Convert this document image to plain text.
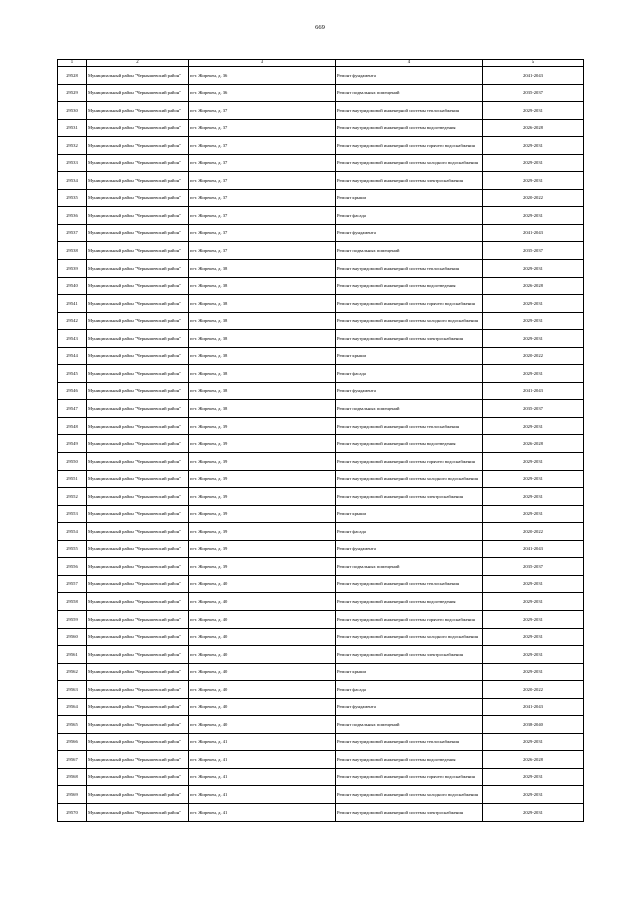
669
1	2	3	4	5
29528	Муниципальный район "Чернышевский район"	пгт. Жирекен, д. 36	Ремонт фундамента	2041-2043
29529	Муниципальный район "Чернышевский район"	пгт. Жирекен, д. 36	Ремонт подвальных помещений	2035-2037
29530	Муниципальный район "Чернышевский район"	пгт. Жирекен, д. 37	Ремонт внутридомовой инженерной системы теплоснабжения	2029-2031
29531	Муниципальный район "Чернышевский район"	пгт. Жирекен, д. 37	Ремонт внутридомовой инженерной системы водоотведения	2026-2028
29532	Муниципальный район "Чернышевский район"	пгт. Жирекен, д. 37	Ремонт внутридомовой инженерной системы горячего водоснабжения	2029-2031
29533	Муниципальный район "Чернышевский район"	пгт. Жирекен, д. 37	Ремонт внутридомовой инженерной системы холодного водоснабжения	2029-2031
29534	Муниципальный район "Чернышевский район"	пгт. Жирекен, д. 37	Ремонт внутридомовой инженерной системы электроснабжения	2029-2031
29535	Муниципальный район "Чернышевский район"	пгт. Жирекен, д. 37	Ремонт крыши	2020-2022
29536	Муниципальный район "Чернышевский район"	пгт. Жирекен, д. 37	Ремонт фасада	2029-2031
29537	Муниципальный район "Чернышевский район"	пгт. Жирекен, д. 37	Ремонт фундамента	2041-2043
29538	Муниципальный район "Чернышевский район"	пгт. Жирекен, д. 37	Ремонт подвальных помещений	2035-2037
29539	Муниципальный район "Чернышевский район"	пгт. Жирекен, д. 38	Ремонт внутридомовой инженерной системы теплоснабжения	2029-2031
29540	Муниципальный район "Чернышевский район"	пгт. Жирекен, д. 38	Ремонт внутридомовой инженерной системы водоотведения	2026-2028
29541	Муниципальный район "Чернышевский район"	пгт. Жирекен, д. 38	Ремонт внутридомовой инженерной системы горячего водоснабжения	2029-2031
29542	Муниципальный район "Чернышевский район"	пгт. Жирекен, д. 38	Ремонт внутридомовой инженерной системы холодного водоснабжения	2029-2031
29543	Муниципальный район "Чернышевский район"	пгт. Жирекен, д. 38	Ремонт внутридомовой инженерной системы электроснабжения	2029-2031
29544	Муниципальный район "Чернышевский район"	пгт. Жирекен, д. 38	Ремонт крыши	2020-2022
29545	Муниципальный район "Чернышевский район"	пгт. Жирекен, д. 38	Ремонт фасада	2029-2031
29546	Муниципальный район "Чернышевский район"	пгт. Жирекен, д. 38	Ремонт фундамента	2041-2043
29547	Муниципальный район "Чернышевский район"	пгт. Жирекен, д. 38	Ремонт подвальных помещений	2035-2037
29548	Муниципальный район "Чернышевский район"	пгт. Жирекен, д. 39	Ремонт внутридомовой инженерной системы теплоснабжения	2029-2031
29549	Муниципальный район "Чернышевский район"	пгт. Жирекен, д. 39	Ремонт внутридомовой инженерной системы водоотведения	2026-2028
29550	Муниципальный район "Чернышевский район"	пгт. Жирекен, д. 39	Ремонт внутридомовой инженерной системы горячего водоснабжения	2029-2031
29551	Муниципальный район "Чернышевский район"	пгт. Жирекен, д. 39	Ремонт внутридомовой инженерной системы холодного водоснабжения	2029-2031
29552	Муниципальный район "Чернышевский район"	пгт. Жирекен, д. 39	Ремонт внутридомовой инженерной системы электроснабжения	2029-2031
29553	Муниципальный район "Чернышевский район"	пгт. Жирекен, д. 39	Ремонт крыши	2029-2031
29554	Муниципальный район "Чернышевский район"	пгт. Жирекен, д. 39	Ремонт фасада	2020-2022
29555	Муниципальный район "Чернышевский район"	пгт. Жирекен, д. 39	Ремонт фундамента	2041-2043
29556	Муниципальный район "Чернышевский район"	пгт. Жирекен, д. 39	Ремонт подвальных помещений	2035-2037
29557	Муниципальный район "Чернышевский район"	пгт. Жирекен, д. 40	Ремонт внутридомовой инженерной системы теплоснабжения	2029-2031
29558	Муниципальный район "Чернышевский район"	пгт. Жирекен, д. 40	Ремонт внутридомовой инженерной системы водоотведения	2029-2031
29559	Муниципальный район "Чернышевский район"	пгт. Жирекен, д. 40	Ремонт внутридомовой инженерной системы горячего водоснабжения	2029-2031
29560	Муниципальный район "Чернышевский район"	пгт. Жирекен, д. 40	Ремонт внутридомовой инженерной системы холодного водоснабжения	2029-2031
29561	Муниципальный район "Чернышевский район"	пгт. Жирекен, д. 40	Ремонт внутридомовой инженерной системы электроснабжения	2029-2031
29562	Муниципальный район "Чернышевский район"	пгт. Жирекен, д. 40	Ремонт крыши	2029-2031
29563	Муниципальный район "Чернышевский район"	пгт. Жирекен, д. 40	Ремонт фасада	2020-2022
29564	Муниципальный район "Чернышевский район"	пгт. Жирекен, д. 40	Ремонт фундамента	2041-2043
29565	Муниципальный район "Чернышевский район"	пгт. Жирекен, д. 40	Ремонт подвальных помещений	2038-2040
29566	Муниципальный район "Чернышевский район"	пгт. Жирекен, д. 41	Ремонт внутридомовой инженерной системы теплоснабжения	2029-2031
29567	Муниципальный район "Чернышевский район"	пгт. Жирекен, д. 41	Ремонт внутридомовой инженерной системы водоотведения	2026-2028
29568	Муниципальный район "Чернышевский район"	пгт. Жирекен, д. 41	Ремонт внутридомовой инженерной системы горячего водоснабжения	2029-2031
29569	Муниципальный район "Чернышевский район"	пгт. Жирекен, д. 41	Ремонт внутридомовой инженерной системы холодного водоснабжения	2029-2031
29570	Муниципальный район "Чернышевский район"	пгт. Жирекен, д. 41	Ремонт внутридомовой инженерной системы электроснабжения	2029-2031
